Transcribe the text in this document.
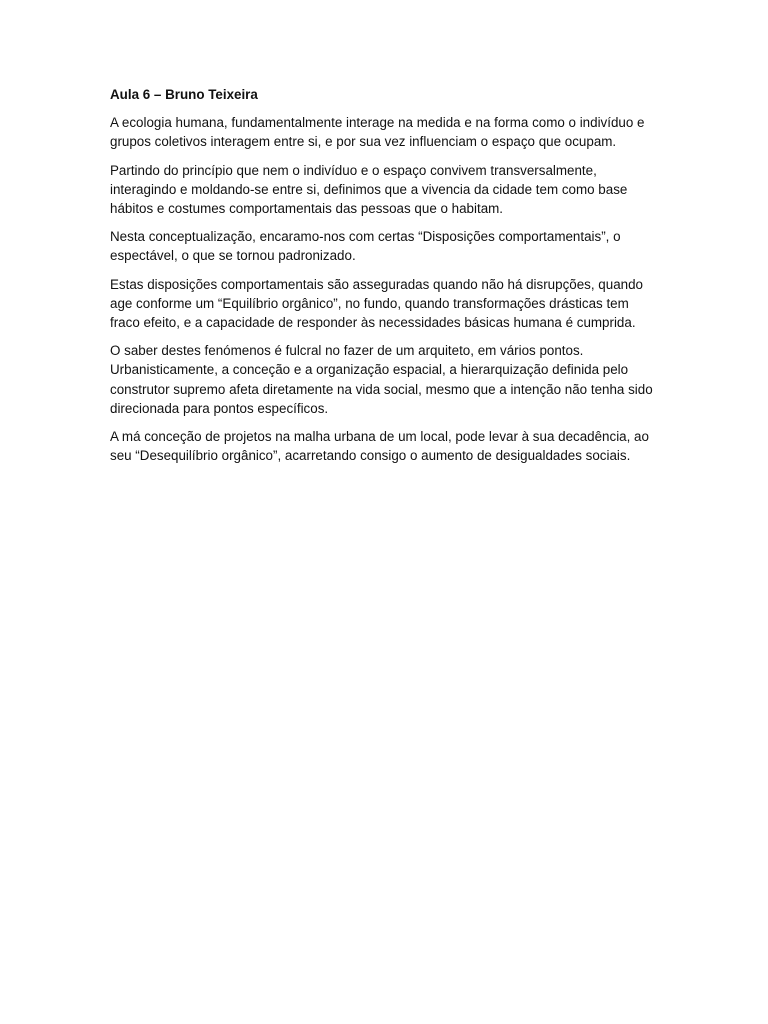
Aula 6 – Bruno Teixeira

A ecologia humana, fundamentalmente interage na medida e na forma como o indivíduo e grupos coletivos interagem entre si, e por sua vez influenciam o espaço que ocupam.

Partindo do princípio que nem o indivíduo e o espaço convivem transversalmente, interagindo e moldando-se entre si, definimos que a vivencia da cidade tem como base hábitos e costumes comportamentais das pessoas que o habitam.

Nesta conceptualização, encaramo-nos com certas “Disposições comportamentais”, o espectável, o que se tornou padronizado.

Estas disposições comportamentais são asseguradas quando não há disrupções, quando age conforme um “Equilíbrio orgânico”, no fundo, quando transformações drásticas tem fraco efeito, e a capacidade de responder às necessidades básicas humana é cumprida.

O saber destes fenómenos é fulcral no fazer de um arquiteto, em vários pontos. Urbanisticamente, a conceção e a organização espacial, a hierarquização definida pelo construtor supremo afeta diretamente na vida social, mesmo que a intenção não tenha sido direcionada para pontos específicos.

A má conceção de projetos na malha urbana de um local, pode levar à sua decadência, ao seu “Desequilíbrio orgânico”, acarretando consigo o aumento de desigualdades sociais.
